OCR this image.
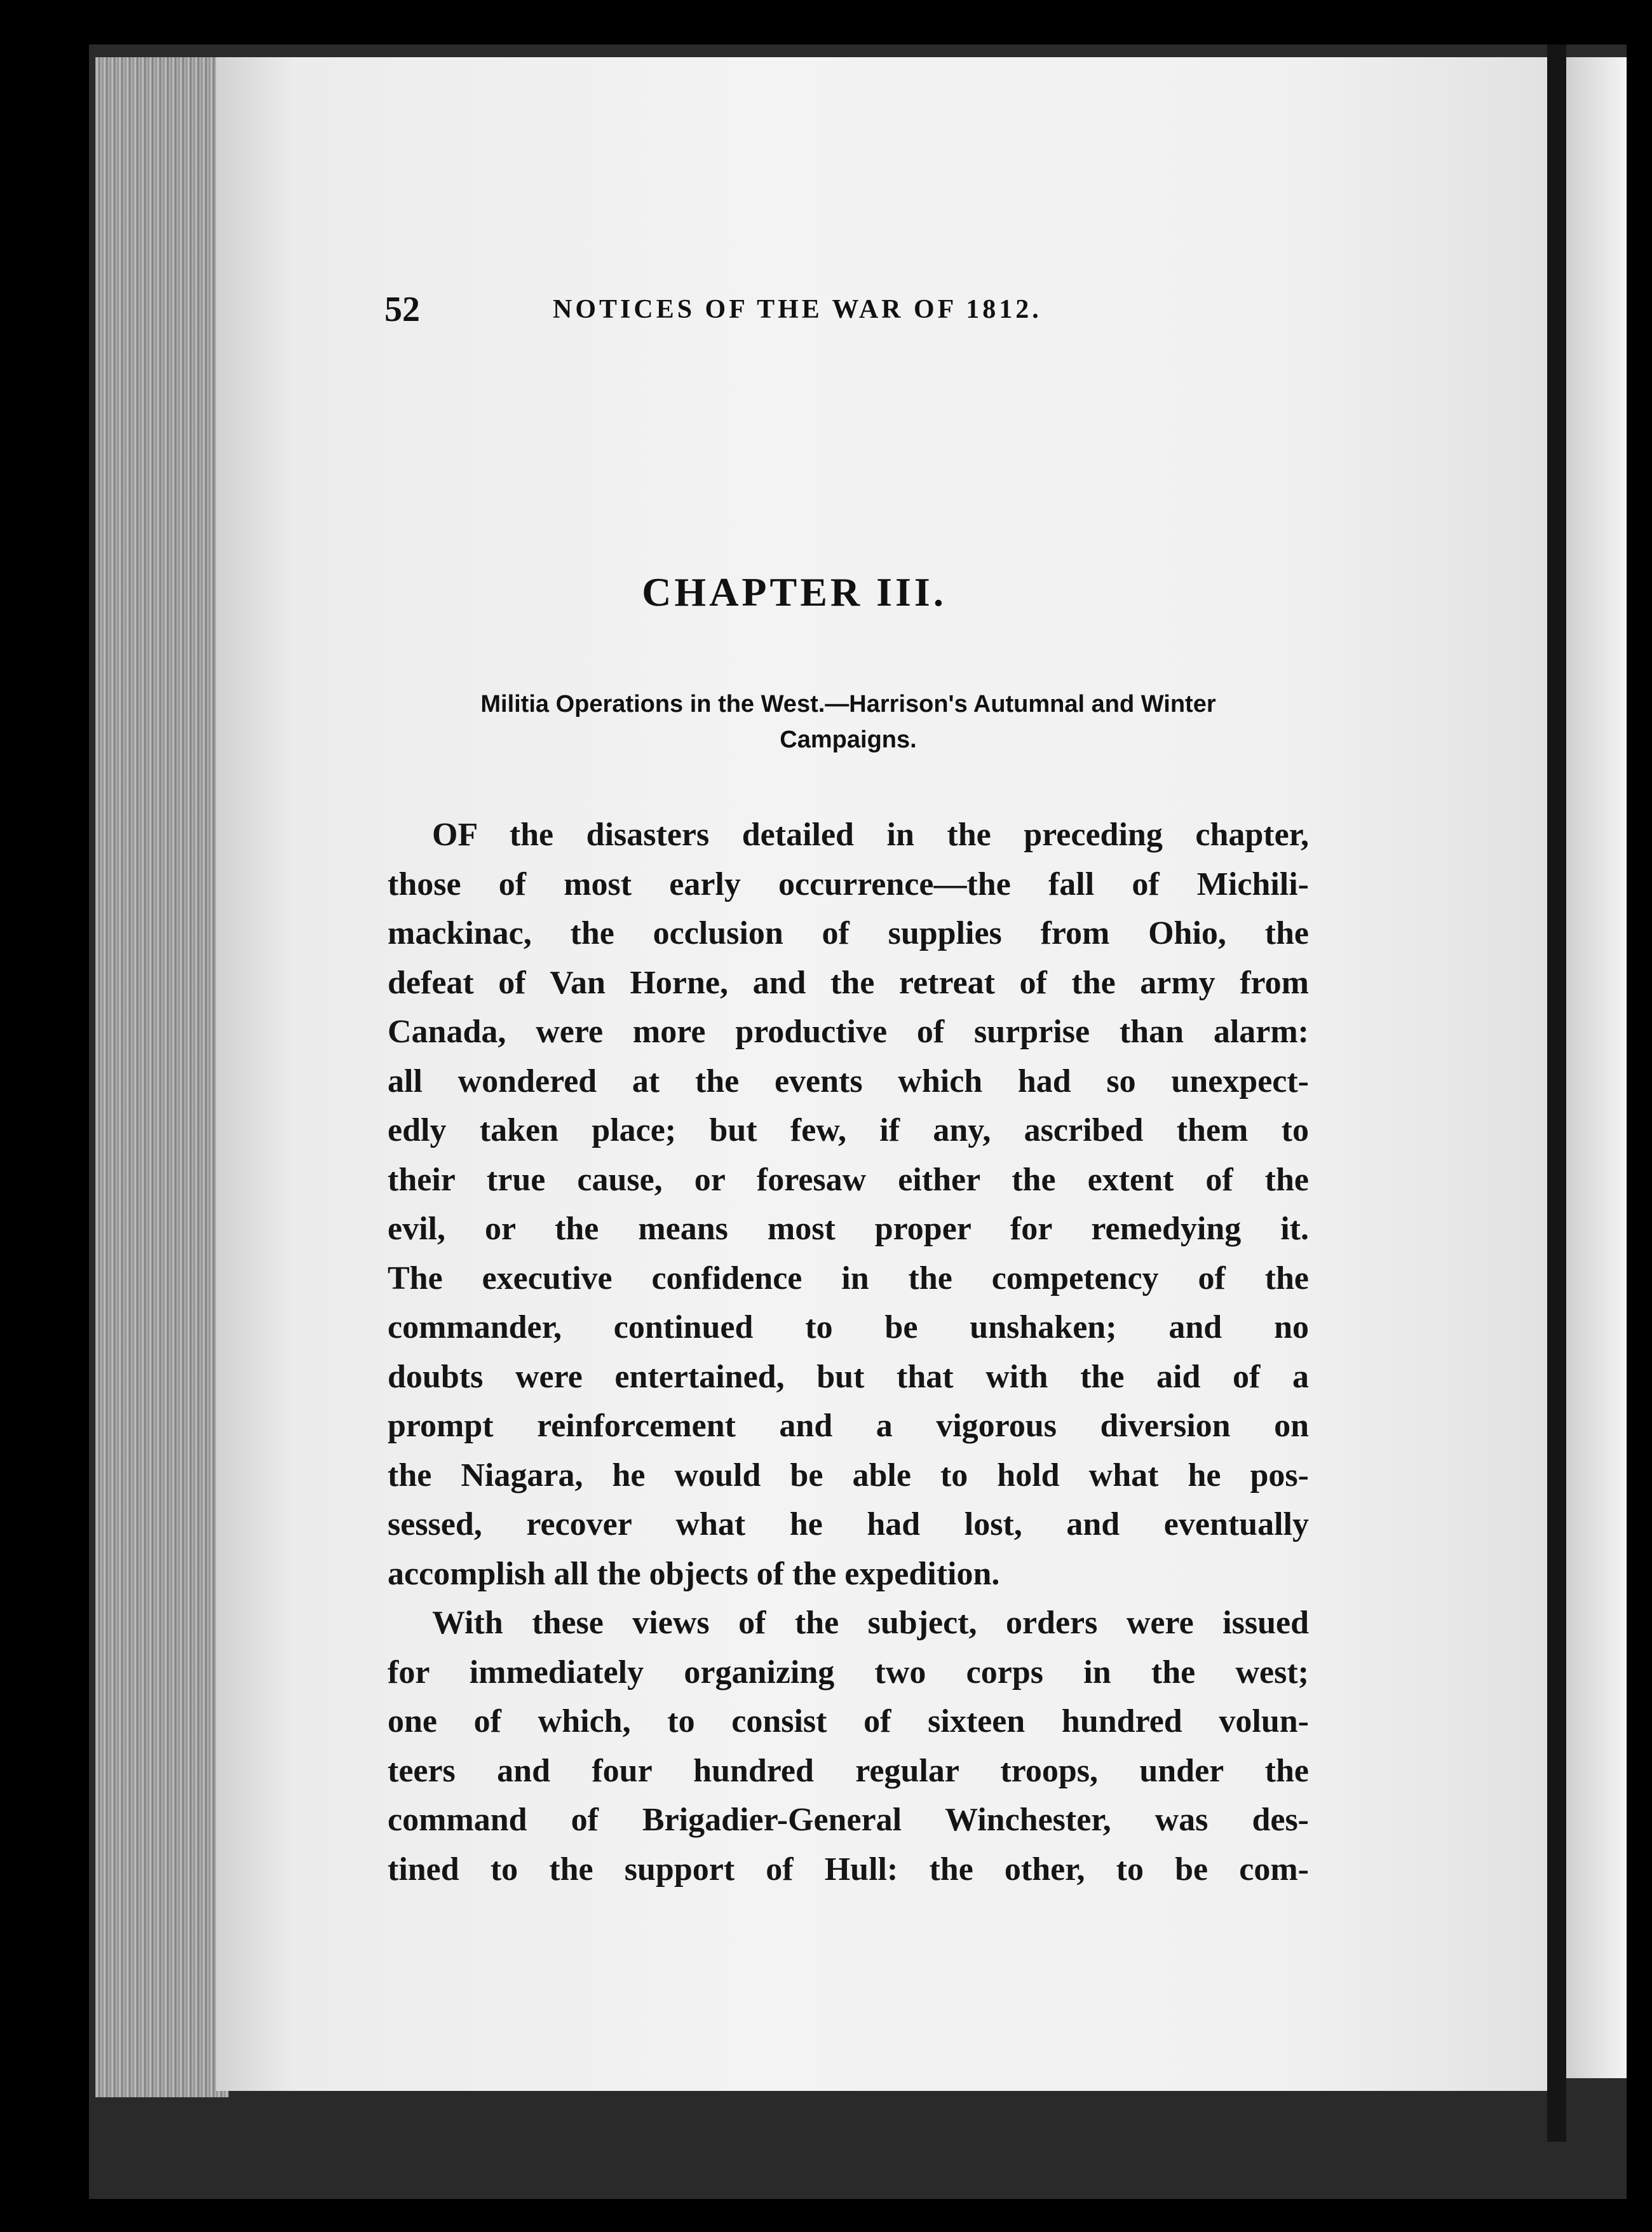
52	NOTICES OF THE WAR OF 1812.
CHAPTER III.
Militia Operations in the West.—Harrison's Autumnal and Winter
Campaigns.
OF the disasters detailed in the preceding chapter,
those of most early occurrence—the fall of Michili-
mackinac, the occlusion of supplies from Ohio, the
defeat of Van Horne, and the retreat of the army from
Canada, were more productive of surprise than alarm:
all wondered at the events which had so unexpect-
edly taken place; but few, if any, ascribed them to
their true cause, or foresaw either the extent of the
evil, or the means most proper for remedying it.
The executive confidence in the competency of the
commander, continued to be unshaken; and no
doubts were entertained, but that with the aid of a
prompt reinforcement and a vigorous diversion on
the Niagara, he would be able to hold what he pos-
sessed, recover what he had lost, and eventually
accomplish all the objects of the expedition.
With these views of the subject, orders were issued
for immediately organizing two corps in the west;
one of which, to consist of sixteen hundred volun-
teers and four hundred regular troops, under the
command of Brigadier-General Winchester, was des-
tined to the support of Hull: the other, to be com-
